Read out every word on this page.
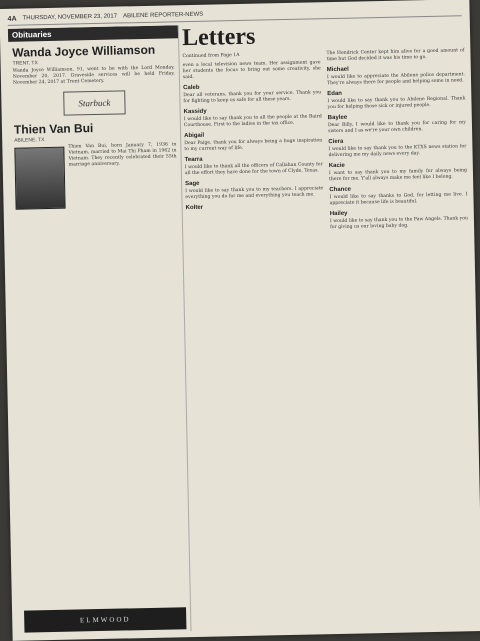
4A THURSDAY, NOVEMBER 23, 2017 ABILENE REPORTER-NEWS
Obituaries
Wanda Joyce Williamson
TRENT, TX

Wanda Joyce Williamson, 91, went to be with the Lord Monday, November 20, 2017. Graveside services will be held Friday, November 24, 2017 at Trent Cemetery.

Starbuck
Thien Van Bui
ABILENE, TX

Thien Van Bui, born January 7, 1936 in Vietnam, married to Mai Thi Pham in 1962 in Vietnam. They recently celebrated their 55th marriage anniversary.

ELMWOOD
Letters

Continued from Page 1A

even a local television news team. Her assignment gave her students the focus to bring out some creativity, she said.

Caleb

Dear all veterans, thank you for your service. Thank you for fighting to keep us safe for all these years.

Kassidy

I would like to say thank you to all the people at the Baird Courthouse. First to the ladies in the tax office.

Abigail

Dear Paige, thank you for always being a huge inspiration to my current way of life.

Tearra

I would like to thank all the officers of Callahan County for all the effort they have done for the town of Clyde, Texas.

Sage

I would like to say thank you to my teachers. I appreciate everything you do for me and everything you teach me.

Kolter

The Hendrick Center kept him alive for a good amount of time but God decided it was his time to go.

Michael

I would like to appreciate the Abilene police department. They're always there for people and helping some in need.

Edan

I would like to say thank you to Abilene Regional. Thank you for helping those sick or injured people.

Baylee

Dear Billy, I would like to thank you for caring for my sisters and I as we're your own children.

Ciera

I would like to say thank you to the KTXS news station for delivering me my daily news every day.

Kacie

I want to say thank you to my family for always being there for me. Y'all always make me feel like I belong.

Chance

I would like to say thanks to God, for letting me live. I appreciate it because life is beautiful.

Hailey

I would like to say thank you to the Paw Angels. Thank you for giving us our loving baby dog.
